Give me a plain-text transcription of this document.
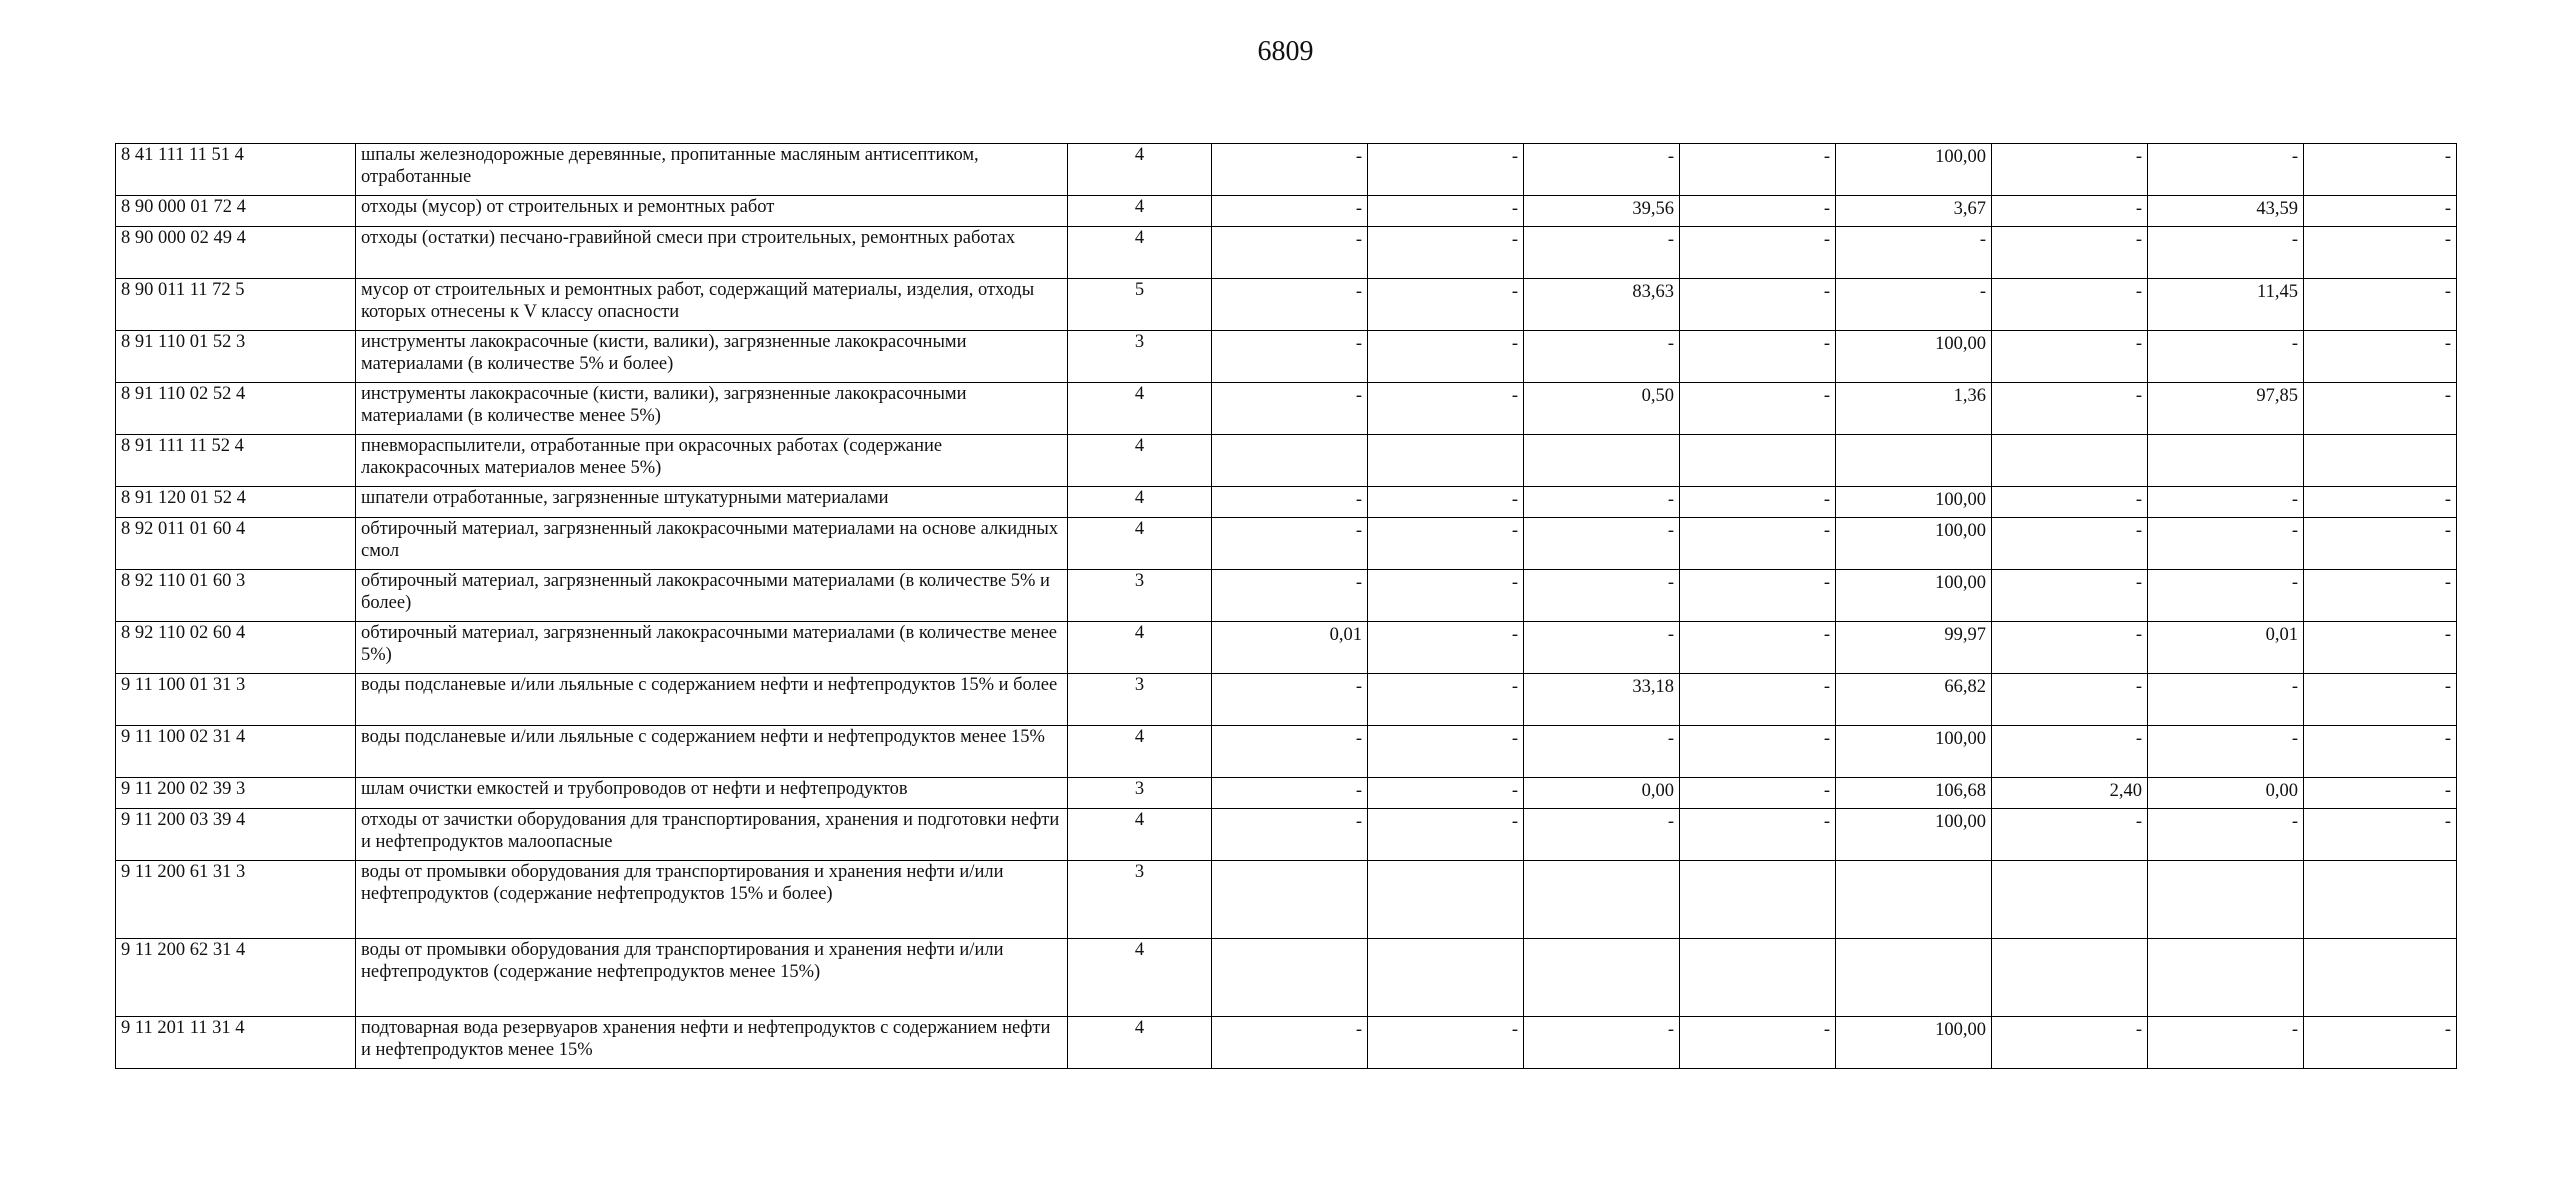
6809
8 41 111 11 51 4	шпалы железнодорожные деревянные, пропитанные масляным антисептиком, отработанные	4	-	-	-	-	100,00	-	-	-
8 90 000 01 72 4	отходы (мусор) от строительных и ремонтных работ	4	-	-	39,56	-	3,67	-	43,59	-
8 90 000 02 49 4	отходы (остатки) песчано-гравийной смеси при строительных, ремонтных работах	4	-	-	-	-	-	-	-	-
8 90 011 11 72 5	мусор от строительных и ремонтных работ, содержащий материалы, изделия, отходы которых отнесены к V классу опасности	5	-	-	83,63	-	-	-	11,45	-
8 91 110 01 52 3	инструменты лакокрасочные (кисти, валики), загрязненные лакокрасочными материалами (в количестве 5% и более)	3	-	-	-	-	100,00	-	-	-
8 91 110 02 52 4	инструменты лакокрасочные (кисти, валики), загрязненные лакокрасочными материалами (в количестве менее 5%)	4	-	-	0,50	-	1,36	-	97,85	-
8 91 111 11 52 4	пневмораспылители, отработанные при окрасочных работах (содержание лакокрасочных материалов менее 5%)	4								
8 91 120 01 52 4	шпатели отработанные, загрязненные штукатурными материалами	4	-	-	-	-	100,00	-	-	-
8 92 011 01 60 4	обтирочный материал, загрязненный лакокрасочными материалами на основе алкидных смол	4	-	-	-	-	100,00	-	-	-
8 92 110 01 60 3	обтирочный материал, загрязненный лакокрасочными материалами (в количестве 5% и более)	3	-	-	-	-	100,00	-	-	-
8 92 110 02 60 4	обтирочный материал, загрязненный лакокрасочными материалами (в количестве менее 5%)	4	0,01	-	-	-	99,97	-	0,01	-
9 11 100 01 31 3	воды подсланевые и/или льяльные с содержанием нефти и нефтепродуктов 15% и более	3	-	-	33,18	-	66,82	-	-	-
9 11 100 02 31 4	воды подсланевые и/или льяльные с содержанием нефти и нефтепродуктов менее 15%	4	-	-	-	-	100,00	-	-	-
9 11 200 02 39 3	шлам очистки емкостей и трубопроводов от нефти и нефтепродуктов	3	-	-	0,00	-	106,68	2,40	0,00	-
9 11 200 03 39 4	отходы от зачистки оборудования для транспортирования, хранения и подготовки нефти и нефтепродуктов малоопасные	4	-	-	-	-	100,00	-	-	-
9 11 200 61 31 3	воды от промывки оборудования для транспортирования и хранения нефти и/или нефтепродуктов (содержание нефтепродуктов 15% и более)	3								
9 11 200 62 31 4	воды от промывки оборудования для транспортирования и хранения нефти и/или нефтепродуктов (содержание нефтепродуктов менее 15%)	4								
9 11 201 11 31 4	подтоварная вода резервуаров хранения нефти и нефтепродуктов с содержанием нефти и нефтепродуктов менее 15%	4	-	-	-	-	100,00	-	-	-
